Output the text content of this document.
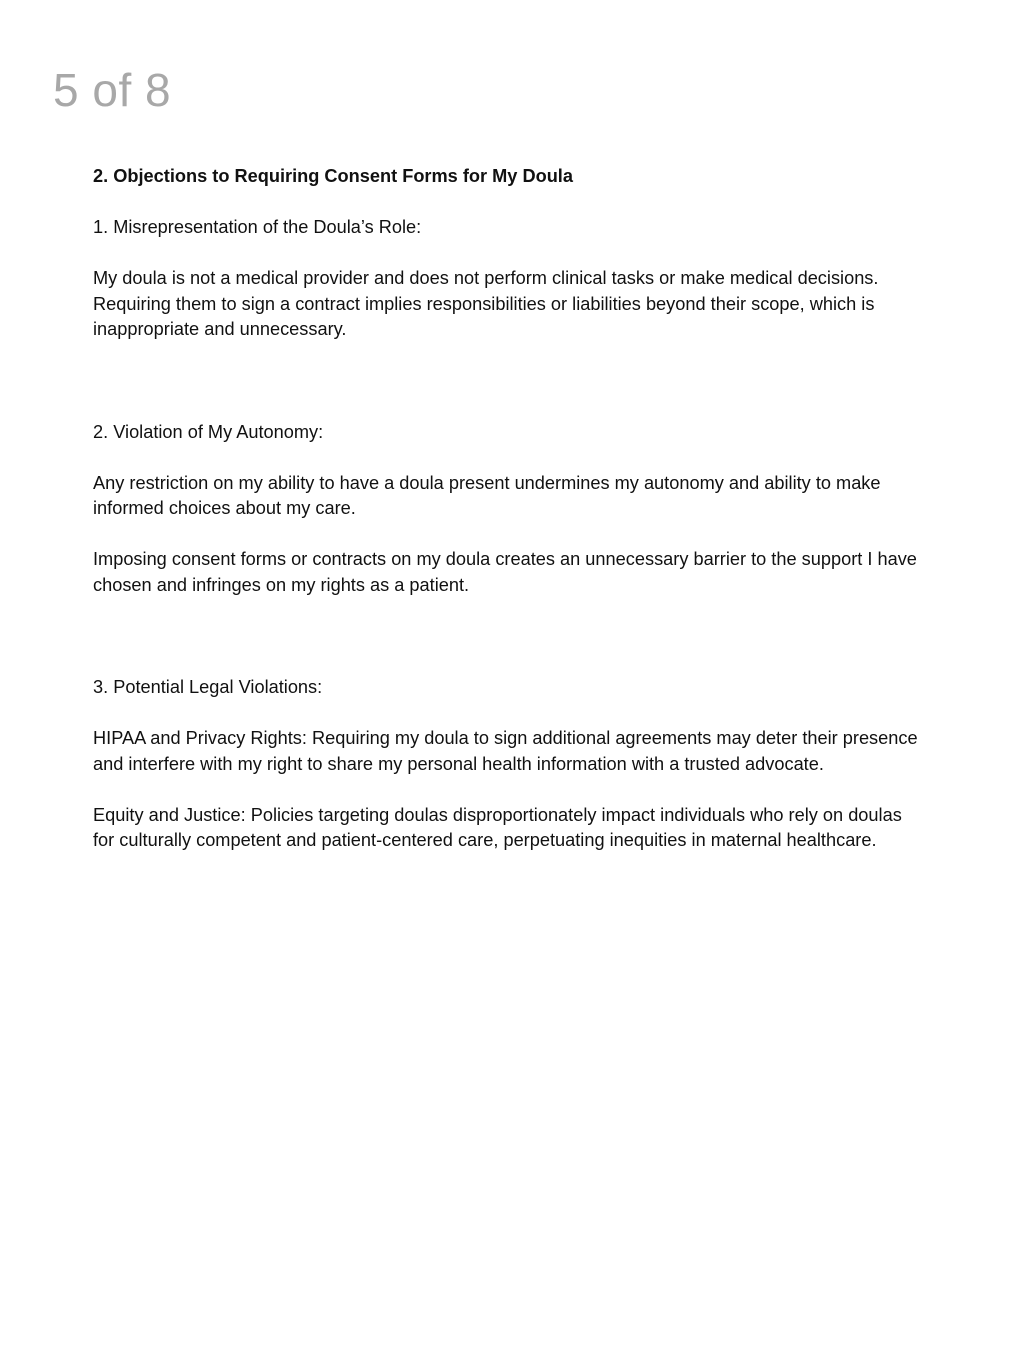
5 of 8

2. Objections to Requiring Consent Forms for My Doula

1. Misrepresentation of the Doula’s Role:

My doula is not a medical provider and does not perform clinical tasks or make medical decisions. Requiring them to sign a contract implies responsibilities or liabilities beyond their scope, which is inappropriate and unnecessary.

2. Violation of My Autonomy:

Any restriction on my ability to have a doula present undermines my autonomy and ability to make informed choices about my care.

Imposing consent forms or contracts on my doula creates an unnecessary barrier to the support I have chosen and infringes on my rights as a patient.

3. Potential Legal Violations:

HIPAA and Privacy Rights: Requiring my doula to sign additional agreements may deter their presence and interfere with my right to share my personal health information with a trusted advocate.

Equity and Justice: Policies targeting doulas disproportionately impact individuals who rely on doulas for culturally competent and patient-centered care, perpetuating inequities in maternal healthcare.
